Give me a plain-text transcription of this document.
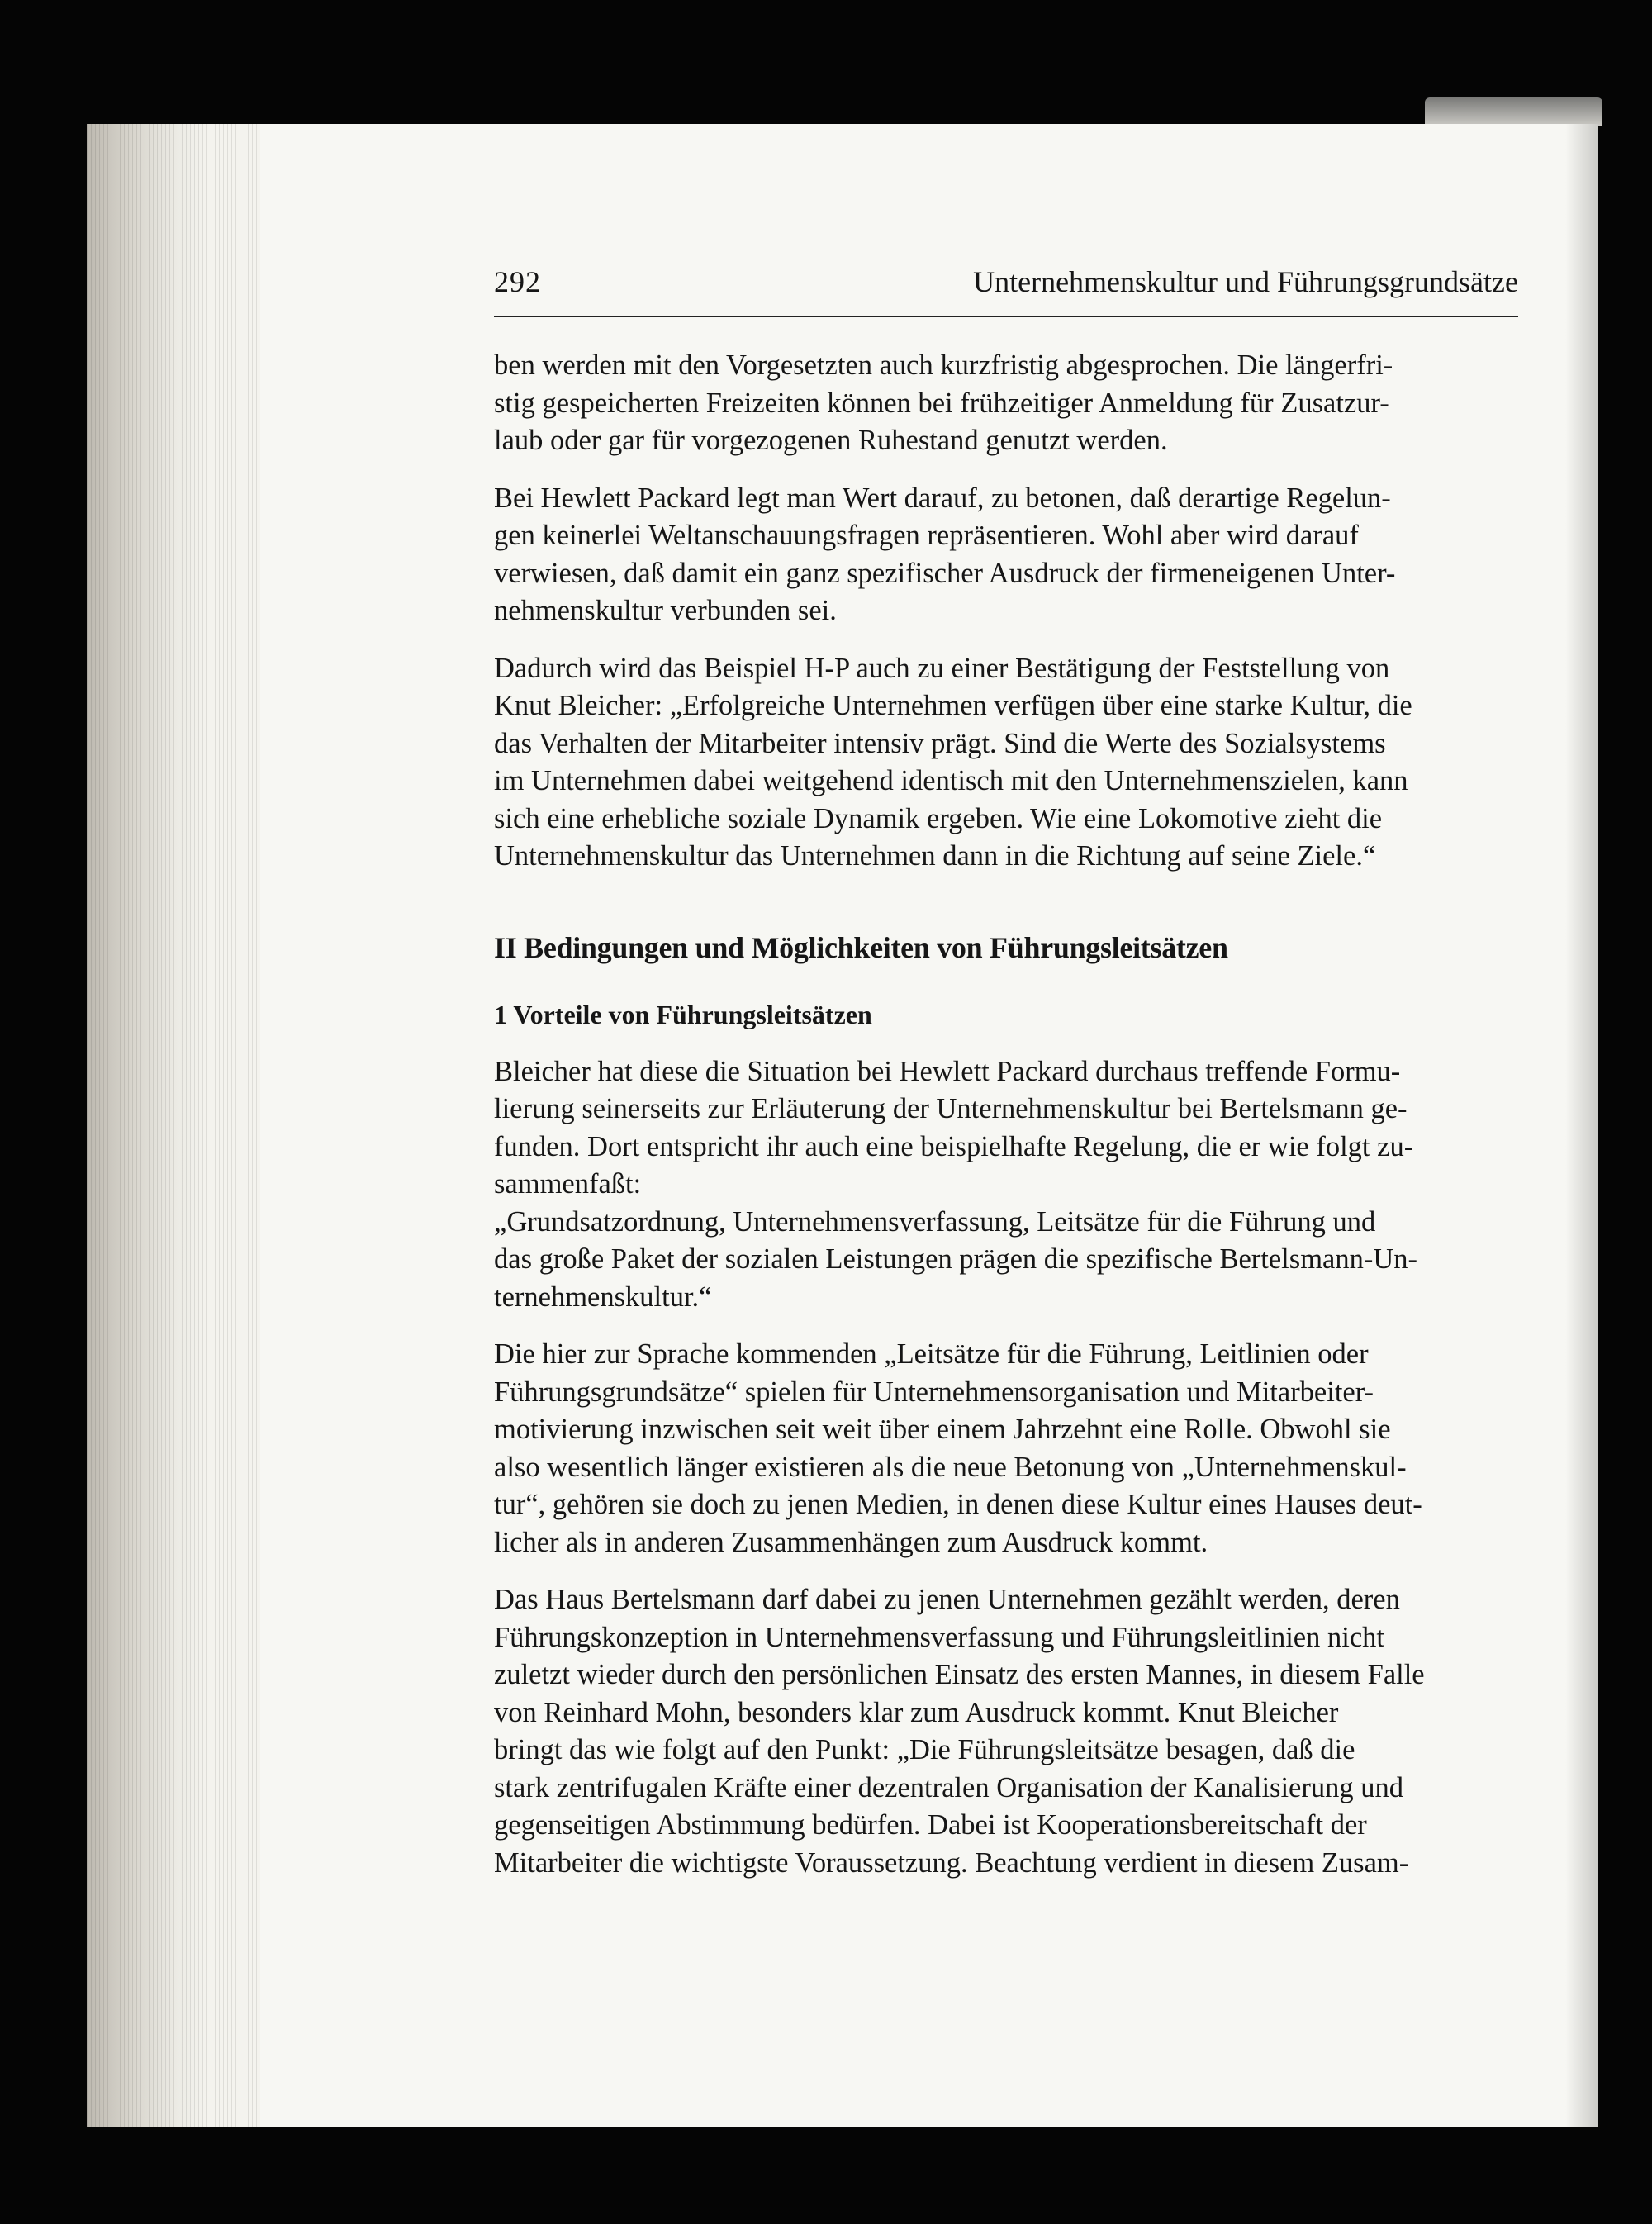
292	Unternehmenskultur und Führungsgrundsätze

ben werden mit den Vorgesetzten auch kurzfristig abgesprochen. Die längerfri-
stig gespeicherten Freizeiten können bei frühzeitiger Anmeldung für Zusatzur-
laub oder gar für vorgezogenen Ruhestand genutzt werden.

Bei Hewlett Packard legt man Wert darauf, zu betonen, daß derartige Regelun-
gen keinerlei Weltanschauungsfragen repräsentieren. Wohl aber wird darauf
verwiesen, daß damit ein ganz spezifischer Ausdruck der firmeneigenen Unter-
nehmenskultur verbunden sei.

Dadurch wird das Beispiel H-P auch zu einer Bestätigung der Feststellung von
Knut Bleicher: „Erfolgreiche Unternehmen verfügen über eine starke Kultur, die
das Verhalten der Mitarbeiter intensiv prägt. Sind die Werte des Sozialsystems
im Unternehmen dabei weitgehend identisch mit den Unternehmenszielen, kann
sich eine erhebliche soziale Dynamik ergeben. Wie eine Lokomotive zieht die
Unternehmenskultur das Unternehmen dann in die Richtung auf seine Ziele.“

II Bedingungen und Möglichkeiten von Führungsleitsätzen
1 Vorteile von Führungsleitsätzen

Bleicher hat diese die Situation bei Hewlett Packard durchaus treffende Formu-
lierung seinerseits zur Erläuterung der Unternehmenskultur bei Bertelsmann ge-
funden. Dort entspricht ihr auch eine beispielhafte Regelung, die er wie folgt zu-
sammenfaßt:
„Grundsatzordnung, Unternehmensverfassung, Leitsätze für die Führung und
das große Paket der sozialen Leistungen prägen die spezifische Bertelsmann-Un-
ternehmenskultur.“

Die hier zur Sprache kommenden „Leitsätze für die Führung, Leitlinien oder
Führungsgrundsätze“ spielen für Unternehmensorganisation und Mitarbeiter-
motivierung inzwischen seit weit über einem Jahrzehnt eine Rolle. Obwohl sie
also wesentlich länger existieren als die neue Betonung von „Unternehmenskul-
tur“, gehören sie doch zu jenen Medien, in denen diese Kultur eines Hauses deut-
licher als in anderen Zusammenhängen zum Ausdruck kommt.

Das Haus Bertelsmann darf dabei zu jenen Unternehmen gezählt werden, deren
Führungskonzeption in Unternehmensverfassung und Führungsleitlinien nicht
zuletzt wieder durch den persönlichen Einsatz des ersten Mannes, in diesem Falle
von Reinhard Mohn, besonders klar zum Ausdruck kommt. Knut Bleicher
bringt das wie folgt auf den Punkt: „Die Führungsleitsätze besagen, daß die
stark zentrifugalen Kräfte einer dezentralen Organisation der Kanalisierung und
gegenseitigen Abstimmung bedürfen. Dabei ist Kooperationsbereitschaft der
Mitarbeiter die wichtigste Voraussetzung. Beachtung verdient in diesem Zusam-
